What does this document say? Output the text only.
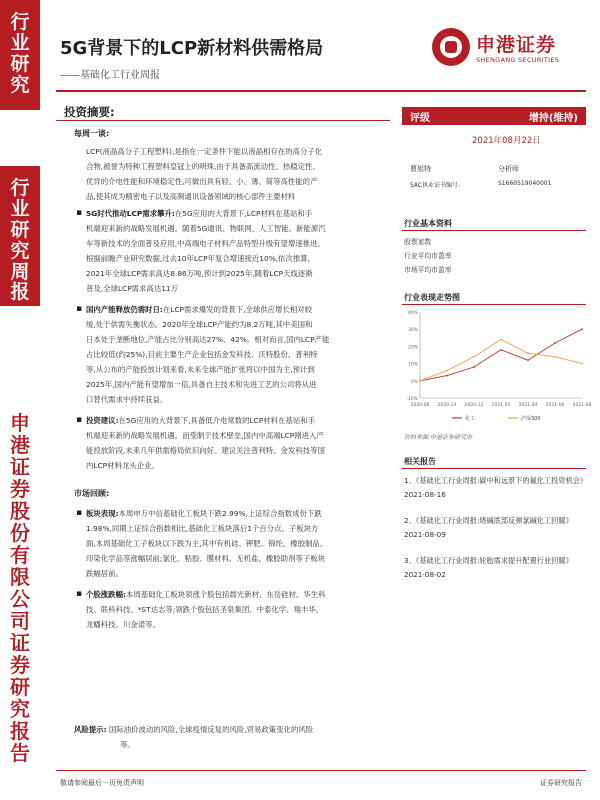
行
业
研
究
行
业
研
究
周
报
申
港
证
券
股
份
有
限
公
司
证
券
研
究
报
告
5G背景下的LCP新材料供需格局
——基础化工行业周报
申港证券
SHENGANG SECURITIES
投资摘要:
每周一谈:
LCP(液晶高分子工程塑料),是指在一定条件下能以液晶相存在的高分子化
合物,被誉为特种工程塑料皇冠上的明珠,由于具备高流动性、热稳定性、
优异的介电性能和环境稳定性,可做出具有轻、小、薄、简等高性能的产
品,使其成为精密电子以及高频通讯设备领域的核心部件主要材料
▪ 5G时代推动LCP需求攀升:在5G应用的大背景下,LCP材料在基站和手
机端迎来新的战略发展机遇。随着5G通讯、物联网、人工智能、新能源汽
车等新技术的全面普及应用,中高端电子材料产品特型升级有望增速推进。
根据前瞻产业研究数据,过去10年LCP年复合增速接近10%,依次推算,
2021年全球LCP需求高达8.86万吨,预计到2025年,随着LCP天线逐渐
普及,全球LCP需求高达11万
▪ 国内产能释放仍需时日:在LCP需求爆发的背景下,全球供应增长相对较
缓,处于供需失衡状态。2020年全球LCP产能约为8.2万吨,其中美国和
日本处于垄断地位,产能占比分别高达27%、42%。相对而言,国内LCP产能
占比较低(约25%),目前主要生产企业包括金发科技、沃特股份、普利特
等,从公布的产能投放计划来看,未来全球产能扩张将以中国为主,预计到
2025年,国内产能有望增加一倍,具备自主技术和先进工艺的公司将从进
口替代需求中持续获益。
▪ 投资建议:在5G应用的大背景下,具备低介电常数的LCP材料在基站和手
机端迎来新的战略发展机遇。而受制于技术壁垒,国内中高端LCP刚进入产
能投放阶段,未来几年供需格局依旧向好。建议关注普利特、金发科技等国
内LCP材料龙头企业。
市场回顾:
▪ 板块表现:本周申万中信基础化工板块下跌2.99%,上证综合指数成份下跌
1.98%,同期上证综合指数相比,基础化工板块落后1个百分点。子板块方
面,本周基础化工子板块以下跌为主,其中有机硅、钾肥、锦纶、橡胶制品、
印染化学品等涨幅居前;氯化、粘胶、膜材料、无机盐、橡胶助剂等子板块
跌幅居前。
▪ 个股涨跌幅:本周基础化工板块领涨个股包括晨光新材、东岳硅材、华生科
技、联科科技、*ST达志等;领跌个股包括圣泉集团、中泰化学、翔丰华、
龙蟠科技、川金诺等。
风险提示: 国际油价波动的风险,全球疫情反复的风险,贸易政策变化的风险
等。
评级	增持(维持)
2021年08月22日
曹旭特	分析师
SAC执业证书编号:	S1660519040001
行业基本资料
股票家数
行业平均市盈率
市场平均市盈率
行业表现走势图
-10%
0%
10%
20%
30%
40%
2020-08 2020-10 2020-12 2021-02 2021-04 2021-06 2021-08
化工	沪深300
资料来源:申港证券研究所
相关报告
1、《基础化工行业周报:碳中和远景下的氟化工投资机会》2021-08-16
2、《基础化工行业周报:烧碱底部反弹氯碱化工回暖》2021-08-09
3、《基础化工行业周报:轮胎需求提升配置行业回暖》2021-08-02
敬请参阅最后一页免责声明	证券研究报告
